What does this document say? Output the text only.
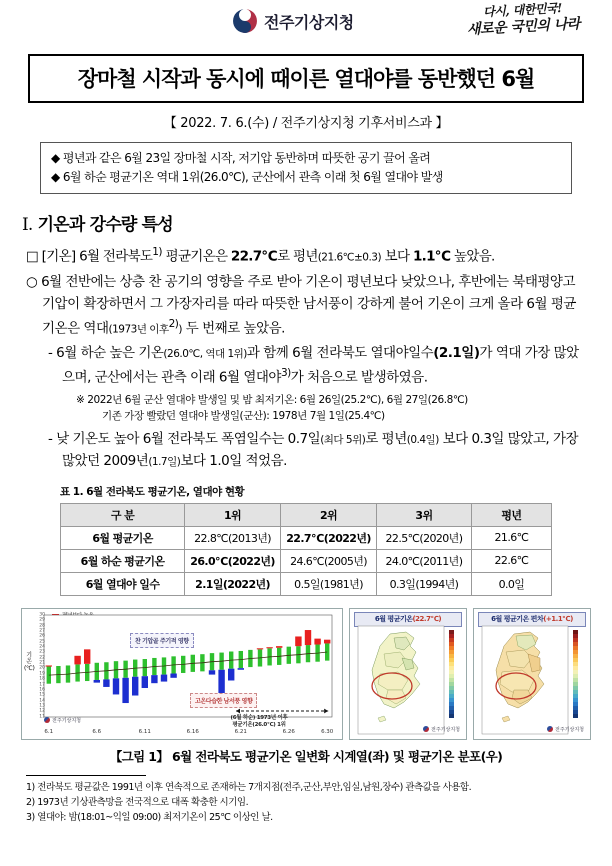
전주기상지청
다시, 대한민국!
새로운 국민의 나라
장마철 시작과 동시에 때이른 열대야를 동반했던 6월
【 2022. 7. 6.(수) / 전주기상지청 기후서비스과 】
◆ 평년과 같은 6월 23일 장마철 시작, 저기압 동반하며 따뜻한 공기 끌어 올려
◆ 6월 하순 평균기온 역대 1위(26.0℃), 군산에서 관측 이래 첫 6월 열대야 발생
Ⅰ. 기온과 강수량 특성

□ [기온] 6월 전라북도$^{1)}$ 평균기온은 22.7℃로 평년(21.6℃±0.3) 보다 1.1℃ 높았음.

○ 6월 전반에는 상층 찬 공기의 영향을 주로 받아 기온이 평년보다 낮았으나, 후반에는 북태평양고기압이 확장하면서 그 가장자리를 따라 따뜻한 남서풍이 강하게 불어 기온이 크게 올라 6월 평균기온은 역대(1973년 이후$^{2)}$) 두 번째로 높았음.

- 6월 하순 높은 기온(26.0℃, 역대 1위)과 함께 6월 전라북도 열대야일수(2.1일)가 역대 가장 많았으며, 군산에서는 관측 이래 6월 열대야$^{3)}$가 처음으로 발생하였음.

※ 2022년 6월 군산 열대야 발생일 및 밤 최저기온: 6월 26일(25.2℃), 6월 27일(26.8℃)

기존 가장 빨랐던 열대야 발생일(군산): 1978년 7월 1일(25.4℃)

- 낮 기온도 높아 6월 전라북도 폭염일수는 0.7일(최다 5위)로 평년(0.4일) 보다 0.3일 많았고, 가장 많았던 2009년(1.7일)보다 1.0일 적었음.

표 1. 6월 전라북도 평균기온, 열대야 현황
구 분	1위	2위	3위	평년
6월 평균기온	22.8℃(2013년)	22.7℃(2022년)	22.5℃(2020년)	21.6℃
6월 하순 평균기온	26.0℃(2022년)	24.6℃(2005년)	24.0℃(2011년)	22.6℃
6월 열대야 일수	2.1일(2022년)	0.5일(1981년)	0.3일(1994년)	0.0일
기온(℃)
찬 기압골 주기적 영향
고온다습한 남서풍 영향
(6월 하순) 1973년 이후
평균기온(26.0℃) 1위
전주기상지청
6.1	6.6	6.11	6.16	6.21	6.26	6.30
11
12
13
14
15
16
17
18
19
20
21
22
23
24
25
26
27
28
29
30
6월 평균기온(22.7℃)
전주기상지청
6월 평균기온 편차(+1.1℃)
전주기상지청
【그림 1】 6월 전라북도 평균기온 일변화 시계열(좌) 및 평균기온 분포(우)
1) 전라북도 평균값은 1991년 이후 연속적으로 존재하는 7개지점(전주,군산,부안,임실,남원,장수) 관측값을 사용함.
2) 1973년 기상관측망을 전국적으로 대폭 확충한 시기임.
3) 열대야: 밤(18:01~익일 09:00) 최저기온이 25℃ 이상인 날.
